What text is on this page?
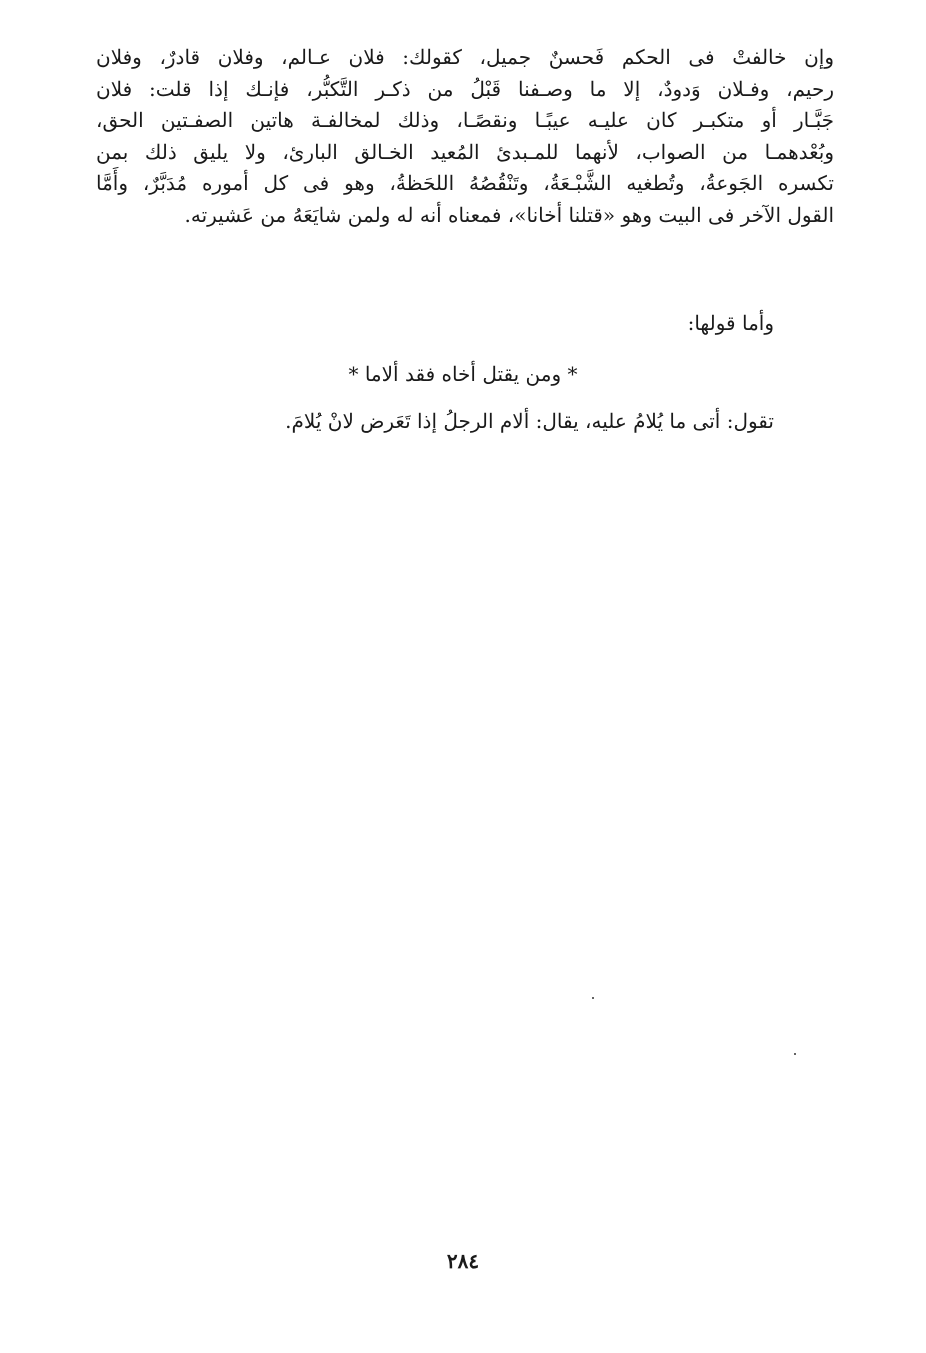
وإن خالفتْ فى الحكم فَحسنٌ جميل، كقولك: فلان عـالم، وفلان قادرٌ، وفلان
رحيم، وفـلان وَدودٌ، إلا ما وصـفنا قَبْلُ من ذكـر التَّكبُّر، فإنـك إذا قلت: فلان
جَبَّـار أو متكبـر كان عليـه عيبًـا ونقصًـا، وذلك لمخالفـة هاتين الصفـتين الحق،
وبُعْدهمـا من الصواب، لأنهما للمـبدئ المُعيد الخـالق البارئ، ولا يليق ذلك بمن
تكسره الجَوعةُ، وتُطغيه الشَّبْـعَةُ، وتَنْقُصُهُ اللحَظةُ، وهو فى كل أموره مُدَبَّرٌ، وأَمَّا
القول الآخر فى البيت وهو «قتلنا أخانا»، فمعناه أنه له ولمن شايَعَهُ من عَشيرته.
وأما قولها:
* ومن يقتل أخاه فقد ألاما *
تقول: أتى ما يُلامُ عليه، يقال: ألام الرجلُ إذا تَعَرض لانْ يُلامَ.
٢٨٤
